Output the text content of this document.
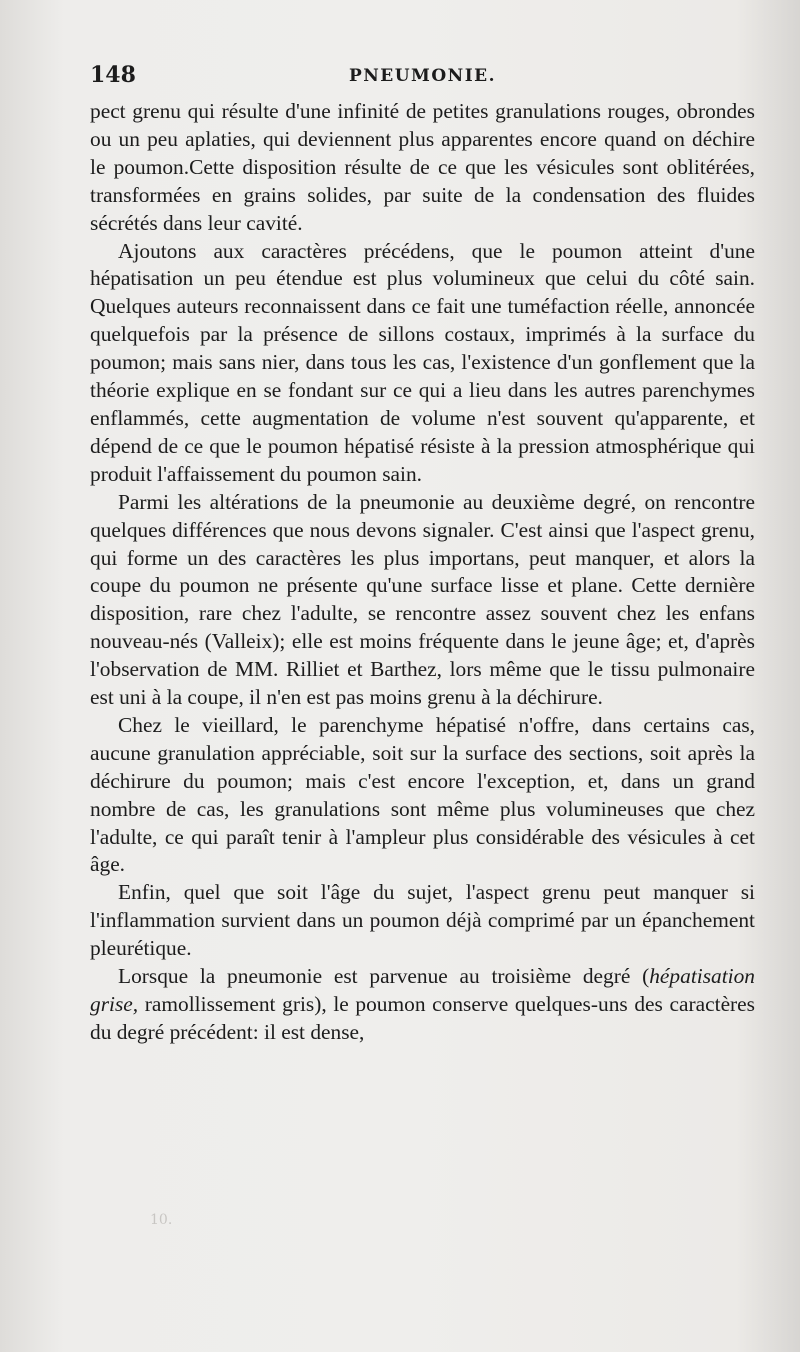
148	PNEUMONIE.

pect grenu qui résulte d'une infinité de petites granulations rouges, obrondes ou un peu aplaties, qui deviennent plus apparentes encore quand on déchire le poumon.Cette disposition résulte de ce que les vésicules sont oblitérées, transformées en grains solides, par suite de la condensation des fluides sécrétés dans leur cavité.

Ajoutons aux caractères précédens, que le poumon atteint d'une hépatisation un peu étendue est plus volumineux que celui du côté sain. Quelques auteurs reconnaissent dans ce fait une tuméfaction réelle, annoncée quelquefois par la présence de sillons costaux, imprimés à la surface du poumon; mais sans nier, dans tous les cas, l'existence d'un gonflement que la théorie explique en se fondant sur ce qui a lieu dans les autres parenchymes enflammés, cette augmentation de volume n'est souvent qu'apparente, et dépend de ce que le poumon hépatisé résiste à la pression atmosphérique qui produit l'affaissement du poumon sain.

Parmi les altérations de la pneumonie au deuxième degré, on rencontre quelques différences que nous devons signaler. C'est ainsi que l'aspect grenu, qui forme un des caractères les plus importans, peut manquer, et alors la coupe du poumon ne présente qu'une surface lisse et plane. Cette dernière disposition, rare chez l'adulte, se rencontre assez souvent chez les enfans nouveau-nés (Valleix); elle est moins fréquente dans le jeune âge; et, d'après l'observation de MM. Rilliet et Barthez, lors même que le tissu pulmonaire est uni à la coupe, il n'en est pas moins grenu à la déchirure.

Chez le vieillard, le parenchyme hépatisé n'offre, dans certains cas, aucune granulation appréciable, soit sur la surface des sections, soit après la déchirure du poumon; mais c'est encore l'exception, et, dans un grand nombre de cas, les granulations sont même plus volumineuses que chez l'adulte, ce qui paraît tenir à l'ampleur plus considérable des vésicules à cet âge.

Enfin, quel que soit l'âge du sujet, l'aspect grenu peut manquer si l'inflammation survient dans un poumon déjà comprimé par un épanchement pleurétique.

Lorsque la pneumonie est parvenue au troisième degré (hépatisation grise, ramollissement gris), le poumon conserve quelques-uns des caractères du degré précédent: il est dense,

10.
